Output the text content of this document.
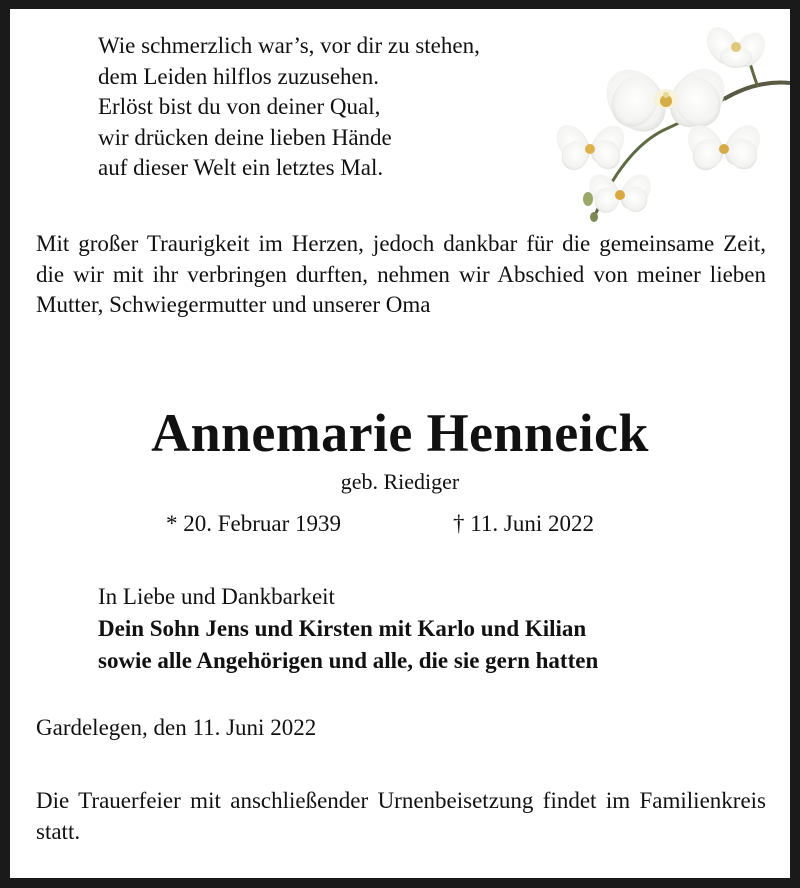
Wie schmerzlich war’s, vor dir zu stehen,
dem Leiden hilflos zuzusehen.
Erlöst bist du von deiner Qual,
wir drücken deine lieben Hände
auf dieser Welt ein letztes Mal.
Mit großer Traurigkeit im Herzen, jedoch dankbar für die gemeinsame Zeit, die wir mit ihr verbringen durften, nehmen wir Abschied von meiner lieben Mutter, Schwiegermutter und unserer Oma
Annemarie Henneick
geb. Riediger
* 20. Februar 1939	† 11. Juni 2022
In Liebe und Dankbarkeit
Dein Sohn Jens und Kirsten mit Karlo und Kilian
sowie alle Angehörigen und alle, die sie gern hatten
Gardelegen, den 11. Juni 2022
Die Trauerfeier mit anschließender Urnenbeisetzung findet im Familienkreis statt.
